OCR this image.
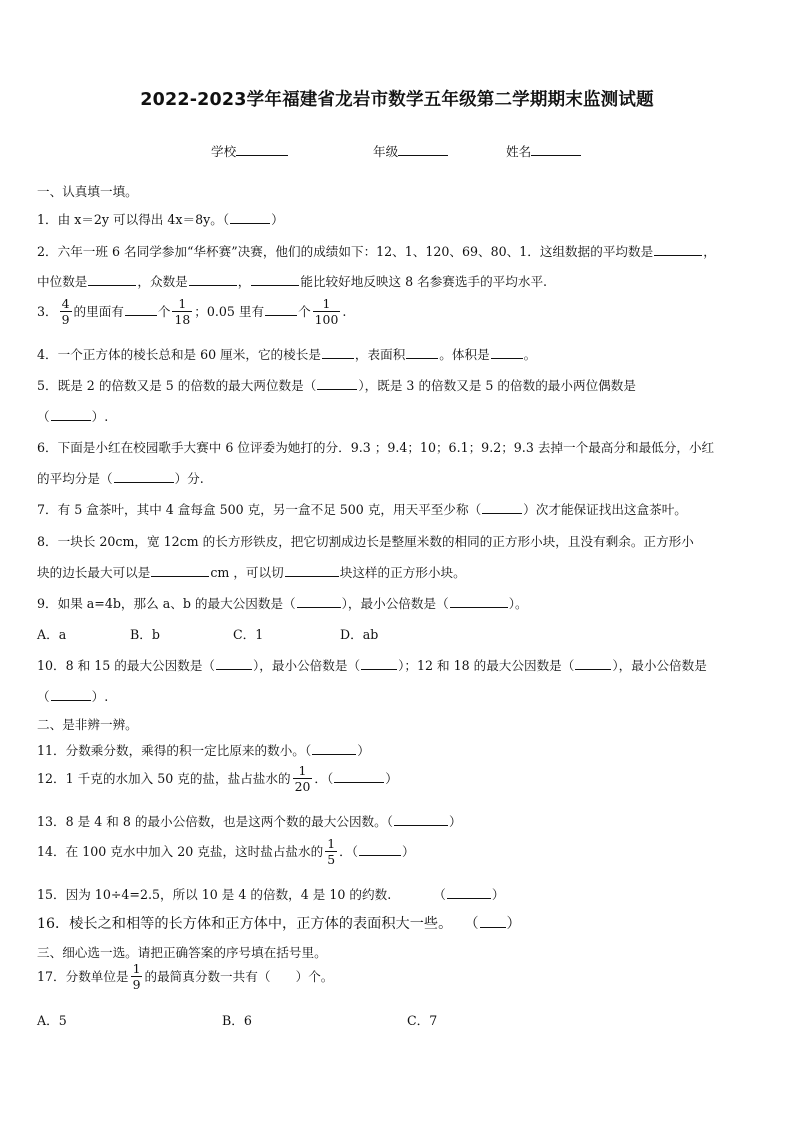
2022-2023学年福建省龙岩市数学五年级第二学期期末监测试题
学校	年级	姓名
一、认真填一填。
1．由 x＝2y 可以得出 4x＝8y。（	）
2．六年一班 6 名同学参加“华杯赛”决赛，他们的成绩如下：12、1、120、69、80、1．这组数据的平均数是	，
中位数是	，众数是	，	能比较好地反映这 8 名参赛选手的平均水平.
3． $\frac{4}{9}$ 的里面有	个 $\frac{1}{18}$ ；0.05 里有	个 $\frac{1}{100}$ .
4．一个正方体的棱长总和是 60 厘米，它的棱长是	，表面积	。体积是	。
5．既是 2 的倍数又是 5 的倍数的最大两位数是（	），既是 3 的倍数又是 5 的倍数的最小两位偶数是
（	）.
6．下面是小红在校园歌手大赛中 6 位评委为她打的分．9.3 ；9.4；10；6.1；9.2；9.3 去掉一个最高分和最低分，小红
的平均分是（	）分.
7．有 5 盒茶叶，其中 4 盒每盒 500 克，另一盒不足 500 克，用天平至少称（	）次才能保证找出这盒茶叶。
8．一块长 20cm，宽 12cm 的长方形铁皮，把它切割成边长是整厘米数的相同的正方形小块，且没有剩余。正方形小
块的边长最大可以是	cm ，可以切	块这样的正方形小块。
9．如果 a=4b，那么 a、b 的最大公因数是（	），最小公倍数是（	）。
A．a	B．b	C．1	D．ab
10．8 和 15 的最大公因数是（	），最小公倍数是（	）；12 和 18 的最大公因数是（	），最小公倍数是
（	）.
二、是非辨一辨。
11．分数乘分数，乘得的积一定比原来的数小。（	）
12．1 千克的水加入 50 克的盐，盐占盐水的 $\frac{1}{20}$ ．（	）
13．8 是 4 和 8 的最小公倍数，也是这两个数的最大公因数。（	）
14．在 100 克水中加入 20 克盐，这时盐占盐水的 $\frac{1}{5}$ ．（	）
15．因为 10÷4=2.5，所以 10 是 4 的倍数，4 是 10 的约数.	（	）
16．棱长之和相等的长方体和正方体中，正方体的表面积大一些。 （ ）
三、细心选一选。请把正确答案的序号填在括号里。
17．分数单位是 $\frac{1}{9}$ 的最简真分数一共有（　　）个。
A．5	B．6	C．7
